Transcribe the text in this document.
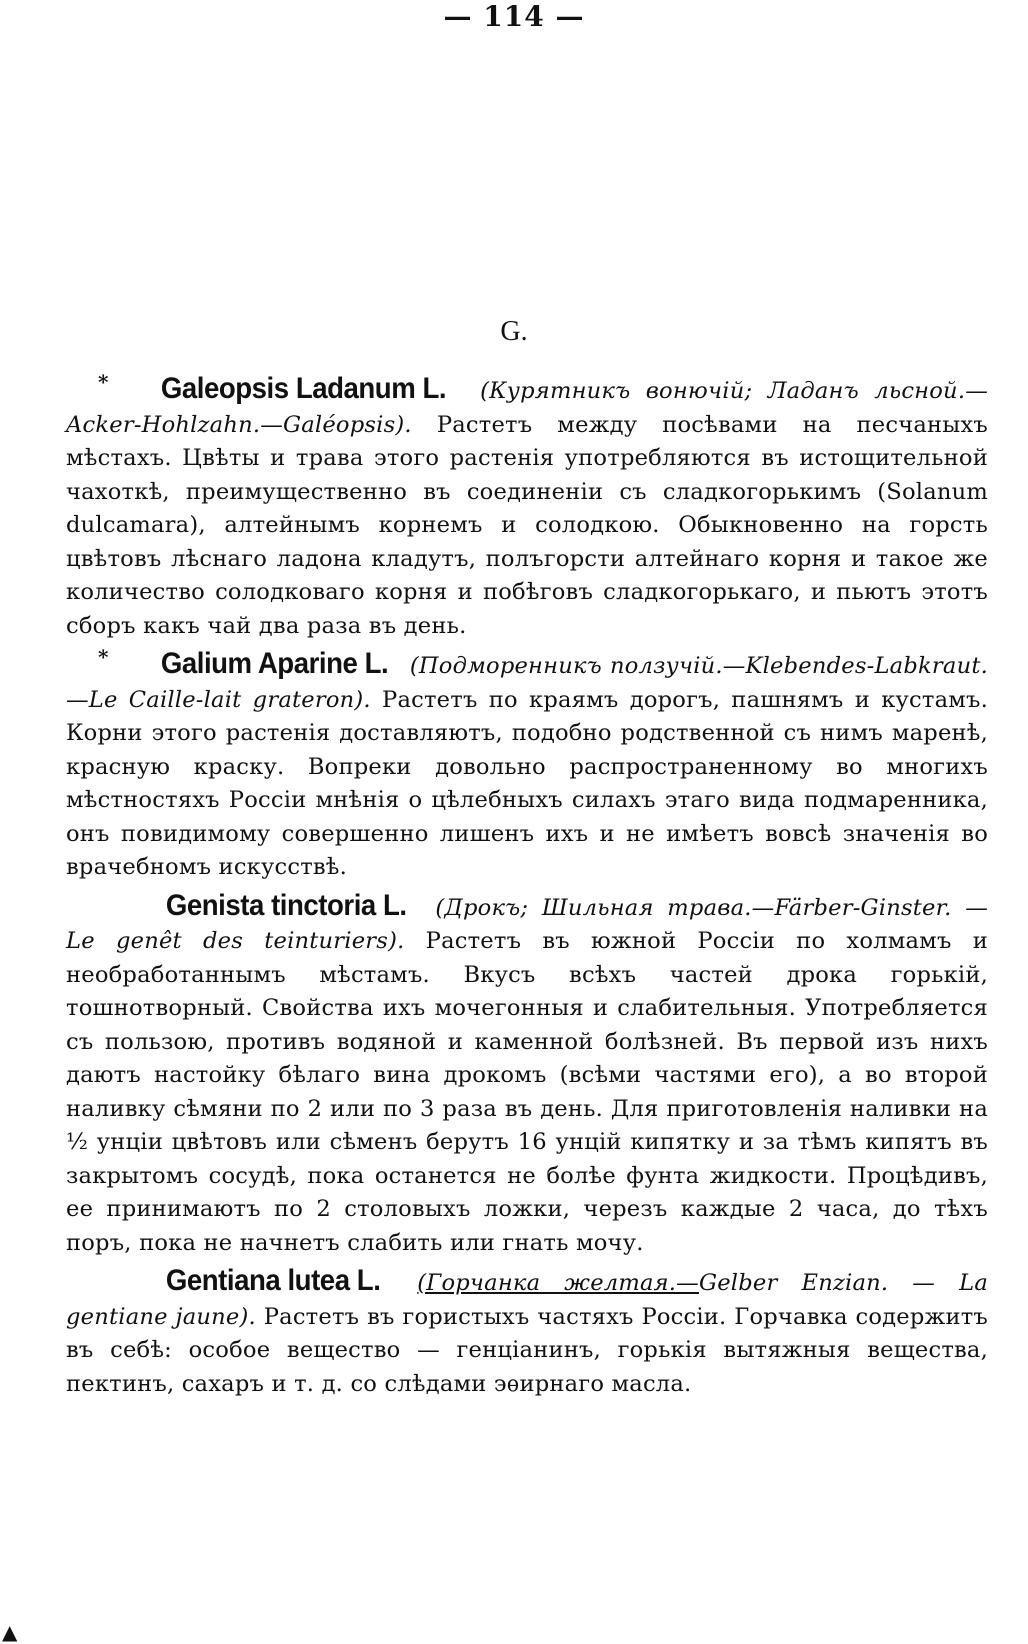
— 114 —
G.

* Galeopsis Ladanum L. (Курятникъ вонючій; Ладанъ льсной.—Acker-Hohlzahn.—Galéopsis). Растетъ между посѣвами на песчаныхъ мѣстахъ. Цвѣты и трава этого растенія употребляются въ истощительной чахоткѣ, преимущественно въ соединеніи съ сладкогорькимъ (Solanum dulcamara), алтейнымъ корнемъ и солодкою. Обыкновенно на горсть цвѣтовъ лѣснаго ладона кладутъ, полъгорсти алтейнаго корня и такое же количество солодковаго корня и побѣговъ сладкогорькаго, и пьютъ этотъ сборъ какъ чай два раза въ день.

* Galium Aparine L. (Подмоpенникъ ползучій.—Klebendes-Labkraut.—Le Caille-lait grateron). Растетъ по краямъ дорогъ, пашнямъ и кустамъ. Корни этого растенія доставляютъ, подобно родственной съ нимъ маренѣ, красную краску. Вопреки довольно распространенному во многихъ мѣстностяхъ Россіи мнѣнія о цѣлебныхъ силахъ этаго вида подмаренника, онъ повидимому совершенно лишенъ ихъ и не имѣетъ вовсѣ значенія во врачебномъ искусствѣ.

Genista tinctoria L. (Дрокъ; Шильная трава.—Färber-Ginster. — Le genêt des teinturiers). Растетъ въ южной Россіи по холмамъ и необработаннымъ мѣстамъ. Вкусъ всѣхъ частей дрока горькій, тошнотворный. Свойства ихъ мочегонныя и слабительныя. Употребляется съ пользою, противъ водяной и каменной болѣзней. Въ первой изъ нихъ даютъ настойку бѣлаго вина дрокомъ (всѣми частями его), а во второй наливку сѣмяни по 2 или по 3 раза въ день. Для приготовленія наливки на ½ унціи цвѣтовъ или сѣменъ берутъ 16 унцій кипятку и за тѣмъ кипятъ въ закрытомъ сосудѣ, пока останется не болѣе фунта жидкости. Процѣдивъ, ее принимаютъ по 2 столовыхъ ложки, черезъ каждые 2 часа, до тѣхъ поръ, пока не начнетъ слабить или гнать мочу.

Gentiana lutea L. (Горчанка желтая.—Gelber Enzian. — La gentiane jaune). Растетъ въ гористыхъ частяхъ Россіи. Горчавка содержитъ въ себѣ: особое вещество — генціанинъ, горькія вытяжныя вещества, пектинъ, сахаръ и т. д. со слѣдами эѳирнаго масла.

▲
